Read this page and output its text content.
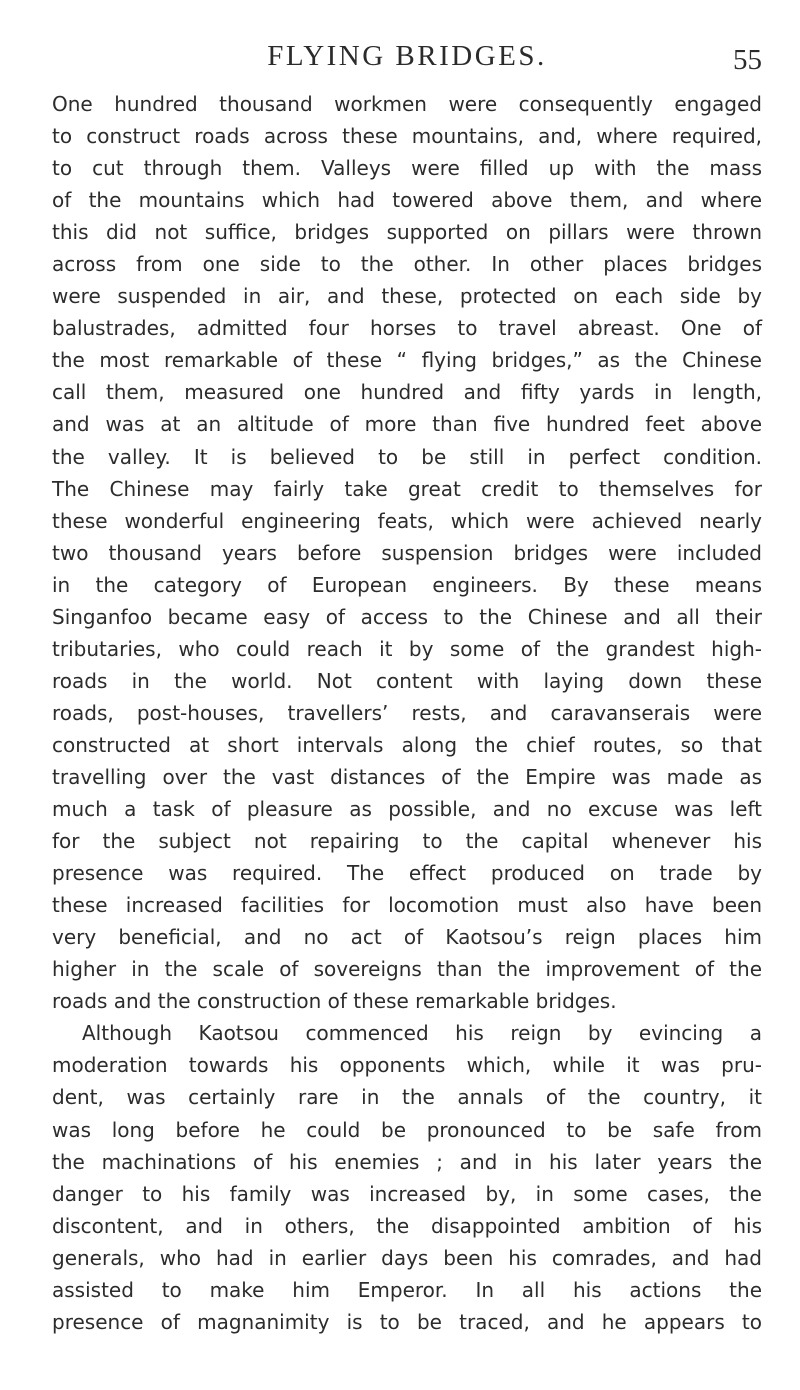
FLYING BRIDGES.	55
One hundred thousand workmen were consequently engaged
to construct roads across these mountains, and, where required,
to cut through them. Valleys were filled up with the mass
of the mountains which had towered above them, and where
this did not suffice, bridges supported on pillars were thrown
across from one side to the other. In other places bridges
were suspended in air, and these, protected on each side by
balustrades, admitted four horses to travel abreast. One of
the most remarkable of these “ flying bridges,” as the Chinese
call them, measured one hundred and fifty yards in length,
and was at an altitude of more than five hundred feet above
the valley. It is believed to be still in perfect condition.
The Chinese may fairly take great credit to themselves for
these wonderful engineering feats, which were achieved nearly
two thousand years before suspension bridges were included
in the category of European engineers. By these means
Singanfoo became easy of access to the Chinese and all their
tributaries, who could reach it by some of the grandest high-
roads in the world. Not content with laying down these
roads, post-houses, travellers’ rests, and caravanserais were
constructed at short intervals along the chief routes, so that
travelling over the vast distances of the Empire was made as
much a task of pleasure as possible, and no excuse was left
for the subject not repairing to the capital whenever his
presence was required. The effect produced on trade by
these increased facilities for locomotion must also have been
very beneficial, and no act of Kaotsou’s reign places him
higher in the scale of sovereigns than the improvement of the
roads and the construction of these remarkable bridges.
Although Kaotsou commenced his reign by evincing a
moderation towards his opponents which, while it was pru-
dent, was certainly rare in the annals of the country, it
was long before he could be pronounced to be safe from
the machinations of his enemies ; and in his later years the
danger to his family was increased by, in some cases, the
discontent, and in others, the disappointed ambition of his
generals, who had in earlier days been his comrades, and had
assisted to make him Emperor. In all his actions the
presence of magnanimity is to be traced, and he appears to
